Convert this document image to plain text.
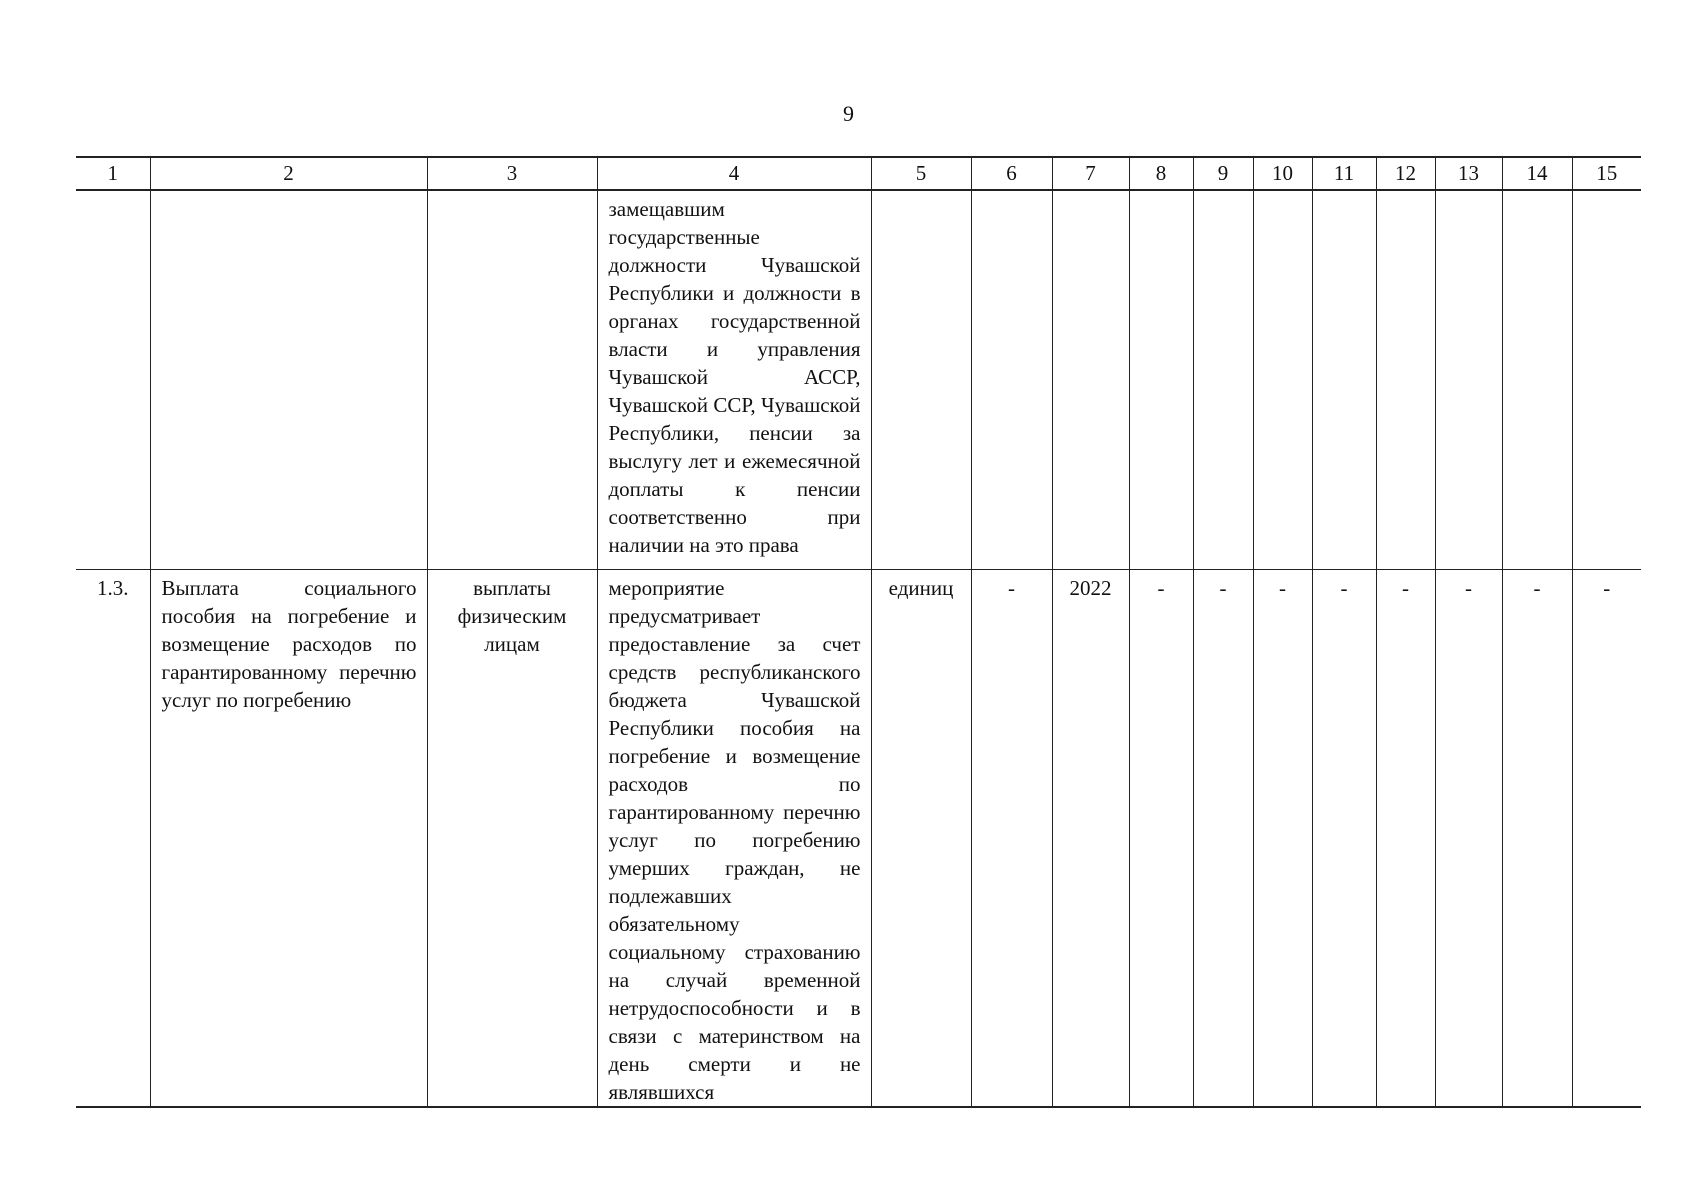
9
1	2	3	4	5	6	7	8	9	10	11	12	13	14	15

			замещавшим государственные должности Чувашской Республики и должности в органах государственной власти и управления Чувашской АССР, Чувашской ССР, Чувашской Республики, пенсии за выслугу лет и ежемесячной доплаты к пенсии соответственно при наличии на это права											

1.3.	Выплата социального пособия на погребение и возмещение расходов по гарантированному перечню услуг по погребению	выплаты физическим лицам	мероприятие предусматривает предоставление за счет средств республиканского бюджета Чувашской Республики пособия на погребение и возмещение расходов по гарантированному перечню услуг по погребению умерших граждан, не подлежавших обязательному социальному страхованию на случай временной нетрудоспособности и в связи с материнством на день смерти и не являвшихся	единиц	-	2022	-	-	-	-	-	-	-	-
